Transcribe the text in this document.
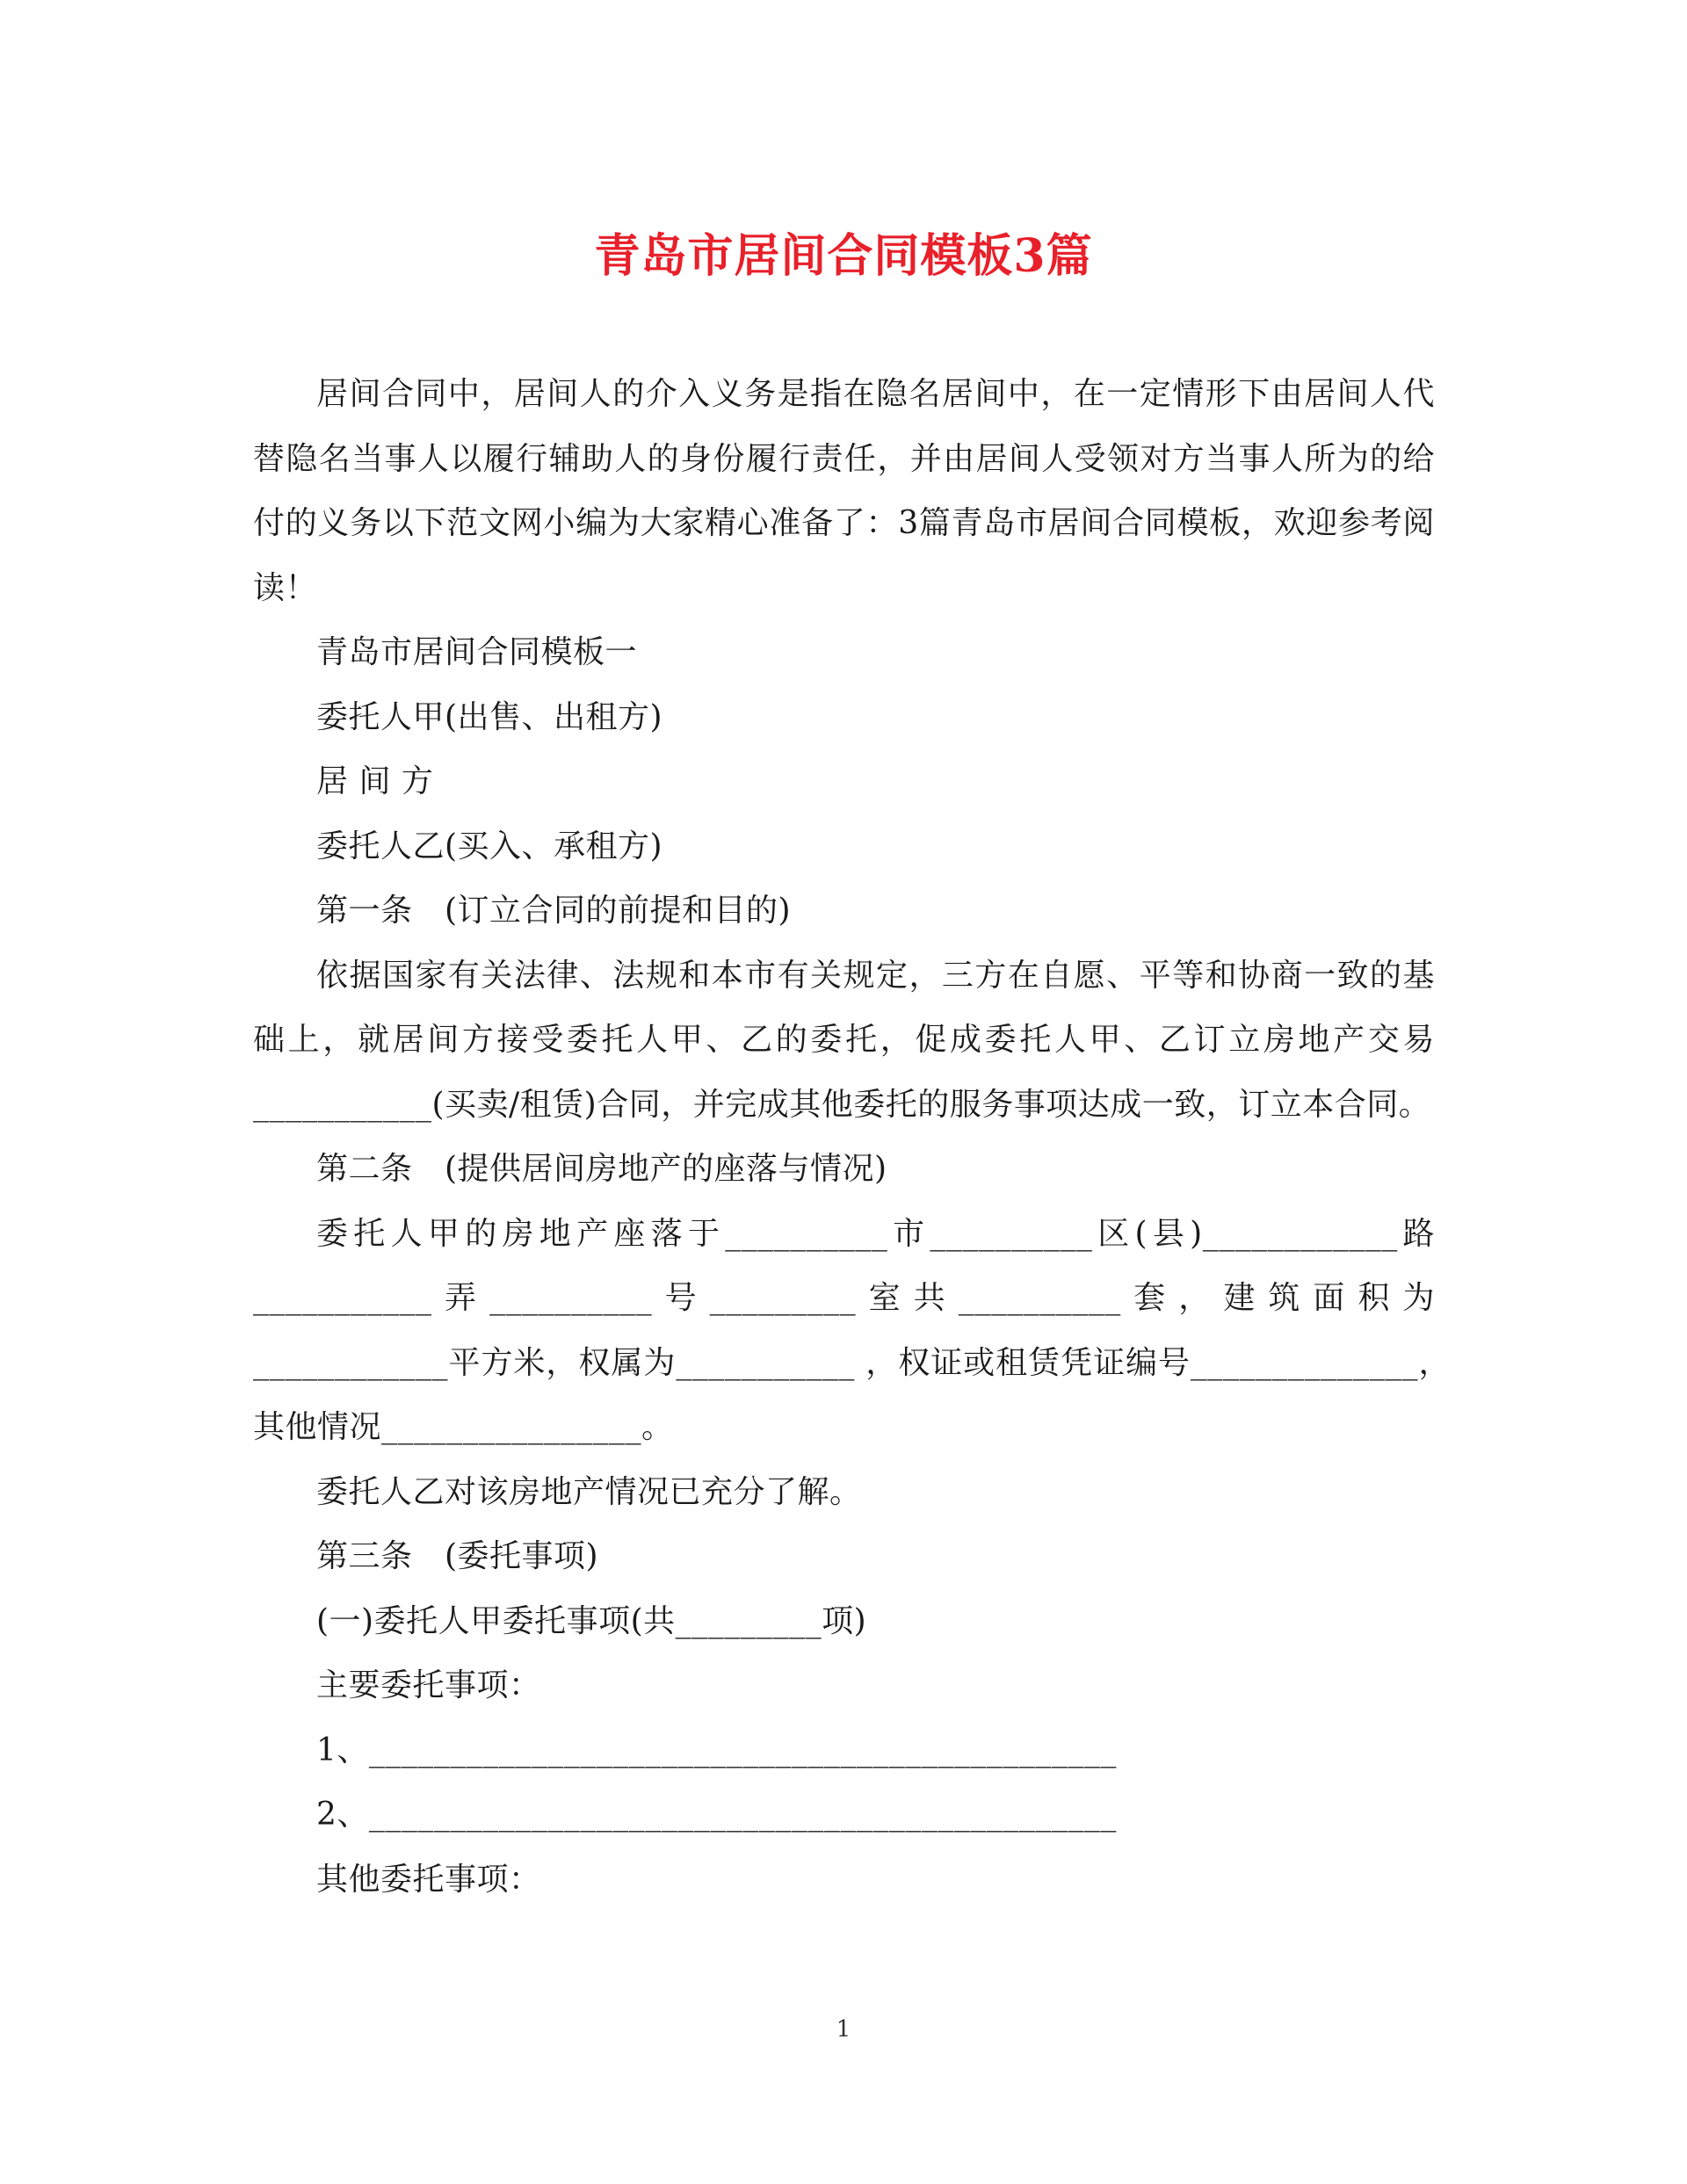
青岛市居间合同模板3篇

居间合同中，居间人的介入义务是指在隐名居间中，在一定情形下由居间人代替隐名当事人以履行辅助人的身份履行责任，并由居间人受领对方当事人所为的给付的义务以下范文网小编为大家精心准备了：3篇青岛市居间合同模板，欢迎参考阅读！

青岛市居间合同模板一

委托人甲(出售、出租方)

居 间 方

委托人乙(买入、承租方)

第一条　(订立合同的前提和目的)

依据国家有关法律、法规和本市有关规定，三方在自愿、平等和协商一致的基础上，就居间方接受委托人甲、乙的委托，促成委托人甲、乙订立房地产交易___________(买卖/租赁)合同，并完成其他委托的服务事项达成一致，订立本合同。

第二条　(提供居间房地产的座落与情况)

委托人甲的房地产座落于__________市__________区(县)____________路___________弄__________号_________室共__________套，建筑面积为____________平方米，权属为___________ ，权证或租赁凭证编号______________，　其他情况________________。

委托人乙对该房地产情况已充分了解。

第三条　(委托事项)

(一)委托人甲委托事项(共_________项)

主要委托事项：

1、______________________________________________

2、______________________________________________

其他委托事项：

1
